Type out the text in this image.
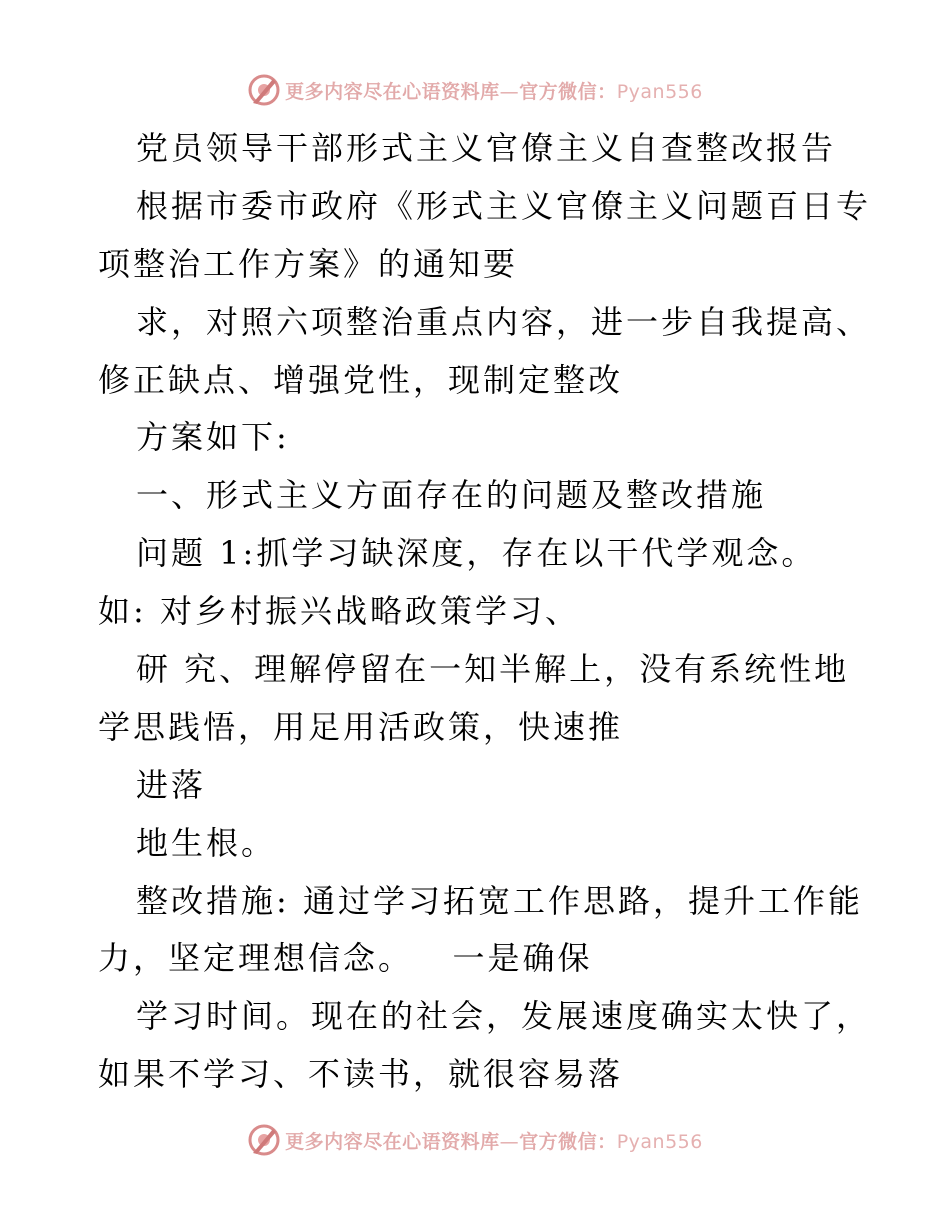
更多内容尽在心语资料库—官方微信：Pyan556
党员领导干部形式主义官僚主义自查整改报告
根据市委市政府《形式主义官僚主义问题百日专
项整治工作方案》的通知要
求，对照六项整治重点内容，进一步自我提高、
修正缺点、增强党性，现制定整改
方案如下:
一、形式主义方面存在的问题及整改措施
问题 1:抓学习缺深度，存在以干代学观念。
如: 对乡村振兴战略政策学习、
研 究、理解停留在一知半解上，没有系统性地
学思践悟，用足用活政策，快速推
进落
地生根。
整改措施: 通过学习拓宽工作思路，提升工作能
力，坚定理想信念。   一是确保
学习时间。现在的社会，发展速度确实太快了，
如果不学习、不读书，就很容易落
更多内容尽在心语资料库—官方微信：Pyan556
